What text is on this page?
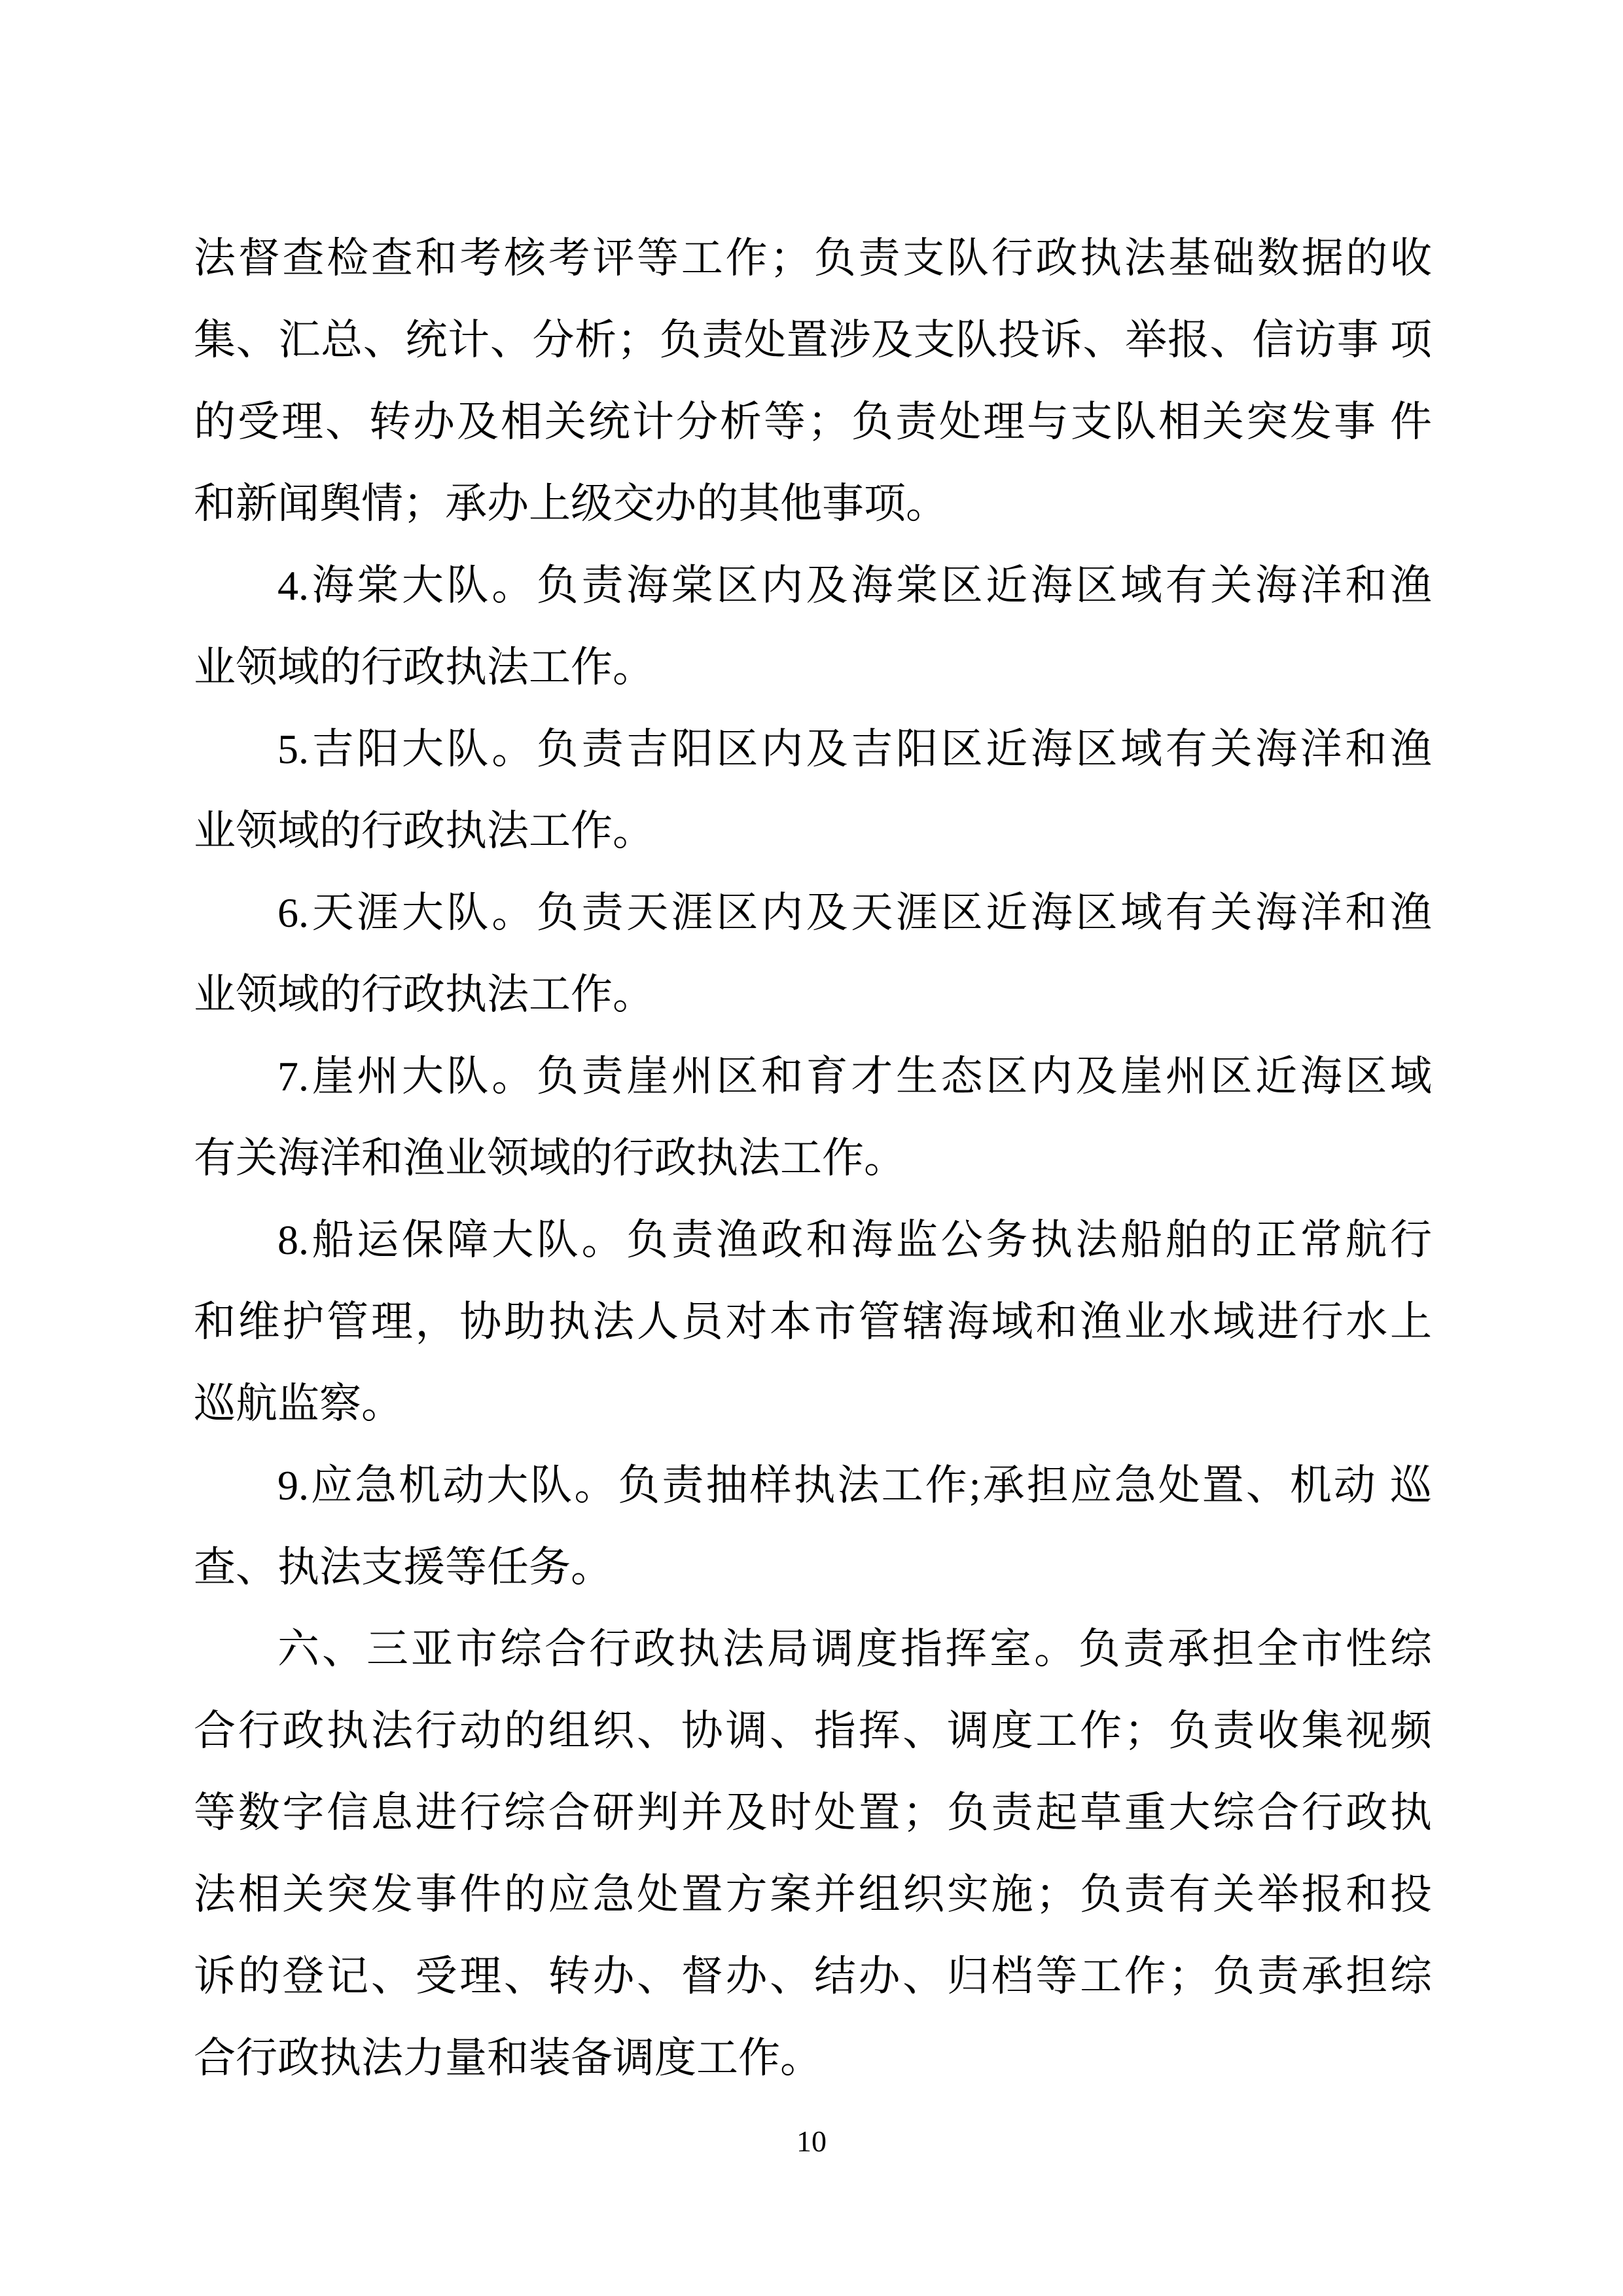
法督查检查和考核考评等工作；负责支队行政执法基础数据的收
集、汇总、统计、分析；负责处置涉及支队投诉、举报、信访事 项
的受理、转办及相关统计分析等；负责处理与支队相关突发事 件
和新闻舆情；承办上级交办的其他事项。
4.海棠大队。负责海棠区内及海棠区近海区域有关海洋和渔
业领域的行政执法工作。
5.吉阳大队。负责吉阳区内及吉阳区近海区域有关海洋和渔
业领域的行政执法工作。
6.天涯大队。负责天涯区内及天涯区近海区域有关海洋和渔
业领域的行政执法工作。
7.崖州大队。负责崖州区和育才生态区内及崖州区近海区域
有关海洋和渔业领域的行政执法工作。
8.船运保障大队。负责渔政和海监公务执法船舶的正常航行
和维护管理，协助执法人员对本市管辖海域和渔业水域进行水上
巡航监察。
9.应急机动大队。负责抽样执法工作;承担应急处置、机动 巡
查、执法支援等任务。
六、三亚市综合行政执法局调度指挥室。负责承担全市性综
合行政执法行动的组织、协调、指挥、调度工作；负责收集视频
等数字信息进行综合研判并及时处置；负责起草重大综合行政执
法相关突发事件的应急处置方案并组织实施；负责有关举报和投
诉的登记、受理、转办、督办、结办、归档等工作；负责承担综
合行政执法力量和装备调度工作。
10
